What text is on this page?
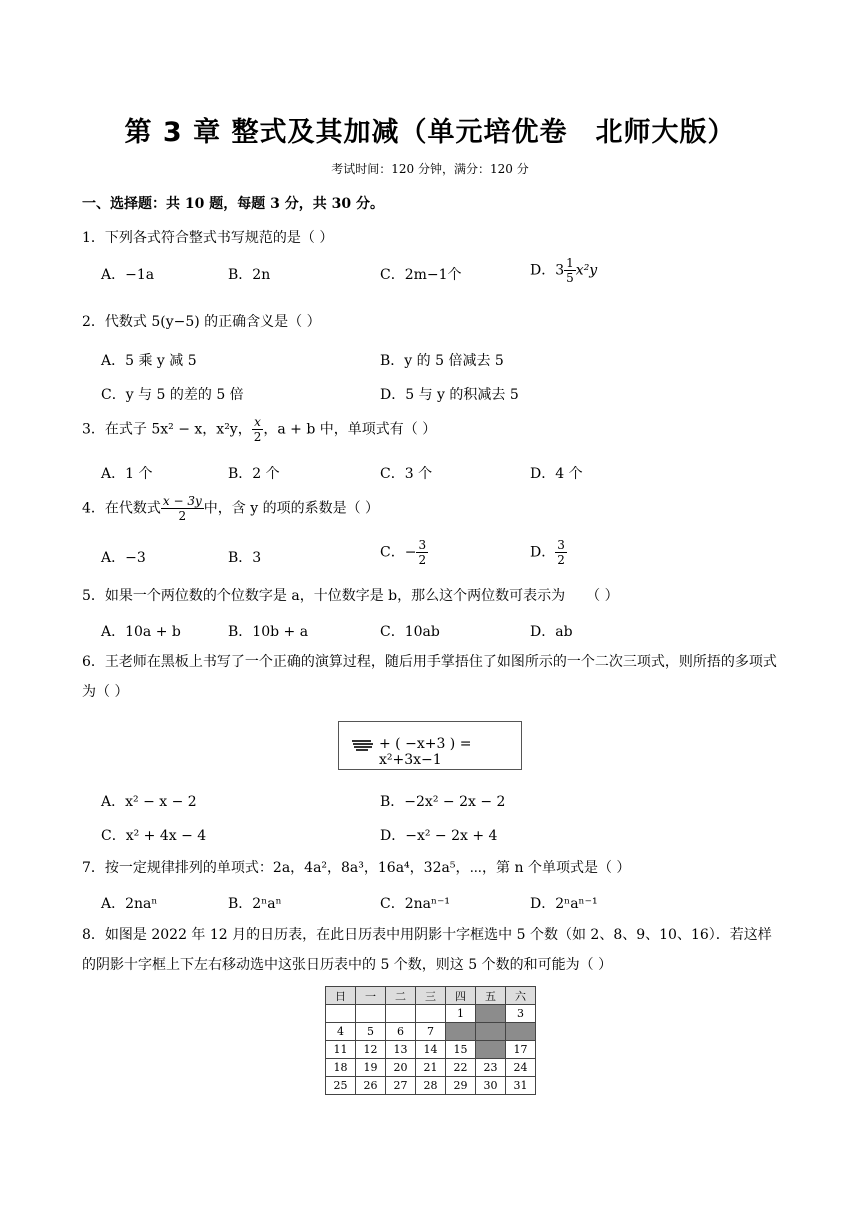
第 3 章 整式及其加减（单元培优卷　北师大版）
考试时间：120 分钟，满分：120 分
一、选择题：共 10 题，每题 3 分，共 30 分。
1．下列各式符合整式书写规范的是（ ）
A．−1a	B．2n	C．2m−1个	D．$3 \frac{1}{5} x^2y$
2．代数式 5(y−5) 的正确含义是（ ）
A．5 乘 y 减 5	B．y 的 5 倍减去 5
C．y 与 5 的差的 5 倍	D．5 与 y 的积减去 5
3．在式子 5x² − x，x²y， $\frac{x}{2}$ ，a + b 中，单项式有（ ）
A．1 个	B．2 个	C．3 个	D．4 个
4．在代数式 $\frac{x - 3y}{2}$ 中，含 y 的项的系数是（ ）
A．−3	B．3	C．− $\frac{3}{2}$	D． $\frac{3}{2}$
5．如果一个两位数的个位数字是 a，十位数字是 b，那么这个两位数可表示为　　（ ）
A．10a + b	B．10b + a	C．10ab	D．ab
6．王老师在黑板上书写了一个正确的演算过程，随后用手掌捂住了如图所示的一个二次三项式，则所捂的多项式为（ ）
+ ( −x+3 ) = x²+3x−1
A．x² − x − 2	B．−2x² − 2x − 2
C．x² + 4x − 4	D．−x² − 2x + 4
7．按一定规律排列的单项式：2a，4a²，8a³，16a⁴，32a⁵，⋯，第 n 个单项式是（ ）
A．2naⁿ	B．2ⁿaⁿ	C．2naⁿ⁻¹	D．2ⁿaⁿ⁻¹
8．如图是 2022 年 12 月的日历表，在此日历表中用阴影十字框选中 5 个数（如 2、8、9、10、16）．若这样的阴影十字框上下左右移动选中这张日历表中的 5 个数，则这 5 个数的和可能为（ ）
日	一	二	三	四	五	六
				1		3
4	5	6	7			
11	12	13	14	15		17
18	19	20	21	22	23	24
25	26	27	28	29	30	31
